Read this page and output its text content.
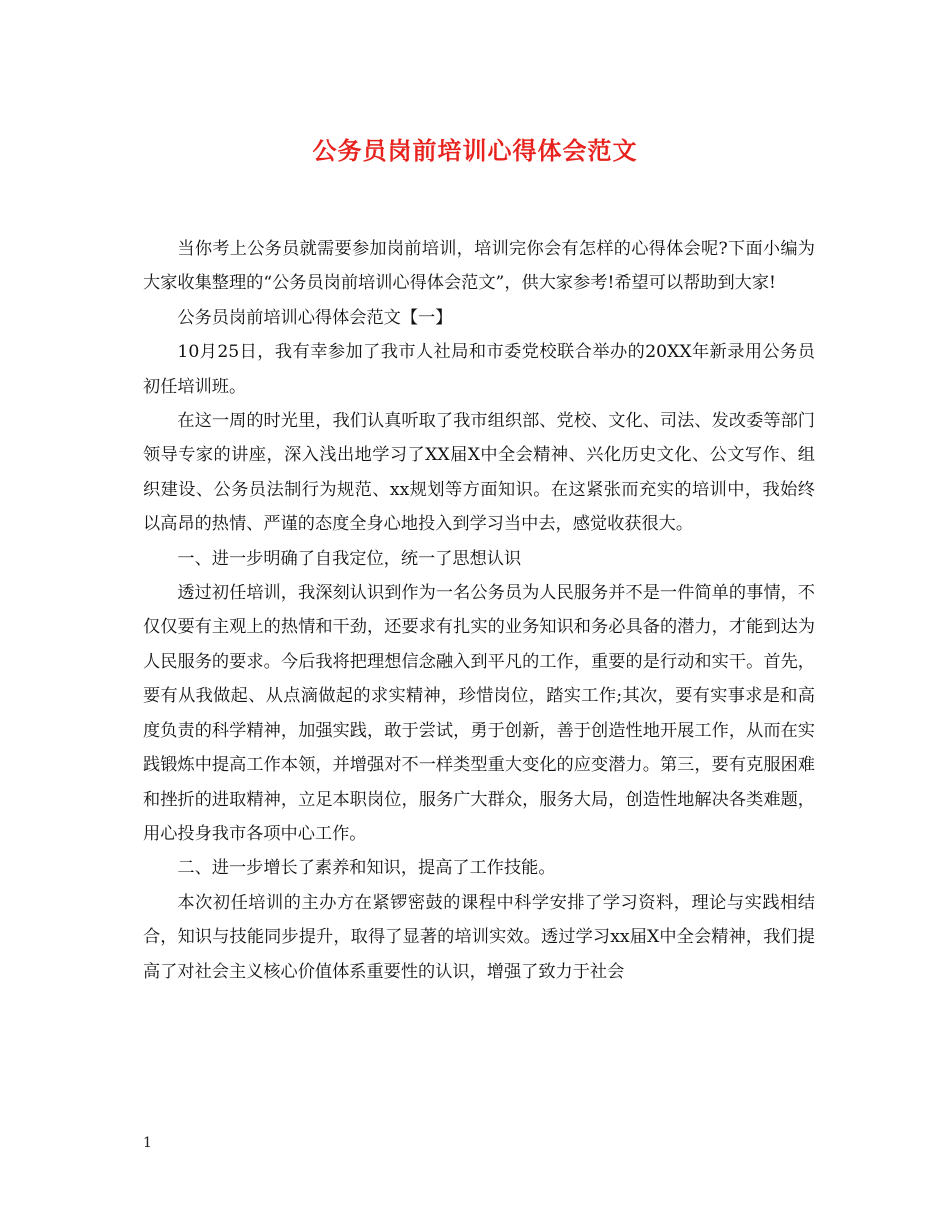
公务员岗前培训心得体会范文

当你考上公务员就需要参加岗前培训，培训完你会有怎样的心得体会呢?下面小编为大家收集整理的“公务员岗前培训心得体会范文”，供大家参考!希望可以帮助到大家!

公务员岗前培训心得体会范文【一】

10月25日，我有幸参加了我市人社局和市委党校联合举办的20XX年新录用公务员初任培训班。

在这一周的时光里，我们认真听取了我市组织部、党校、文化、司法、发改委等部门领导专家的讲座，深入浅出地学习了XX届X中全会精神、兴化历史文化、公文写作、组织建设、公务员法制行为规范、xx规划等方面知识。在这紧张而充实的培训中，我始终以高昂的热情、严谨的态度全身心地投入到学习当中去，感觉收获很大。

一、进一步明确了自我定位，统一了思想认识

透过初任培训，我深刻认识到作为一名公务员为人民服务并不是一件简单的事情，不仅仅要有主观上的热情和干劲，还要求有扎实的业务知识和务必具备的潜力，才能到达为人民服务的要求。今后我将把理想信念融入到平凡的工作，重要的是行动和实干。首先，要有从我做起、从点滴做起的求实精神，珍惜岗位，踏实工作;其次，要有实事求是和高度负责的科学精神，加强实践，敢于尝试，勇于创新，善于创造性地开展工作，从而在实践锻炼中提高工作本领，并增强对不一样类型重大变化的应变潜力。第三，要有克服困难和挫折的进取精神，立足本职岗位，服务广大群众，服务大局，创造性地解决各类难题，用心投身我市各项中心工作。

二、进一步增长了素养和知识，提高了工作技能。

本次初任培训的主办方在紧锣密鼓的课程中科学安排了学习资料，理论与实践相结合，知识与技能同步提升，取得了显著的培训实效。透过学习xx届X中全会精神，我们提高了对社会主义核心价值体系重要性的认识，增强了致力于社会

1
